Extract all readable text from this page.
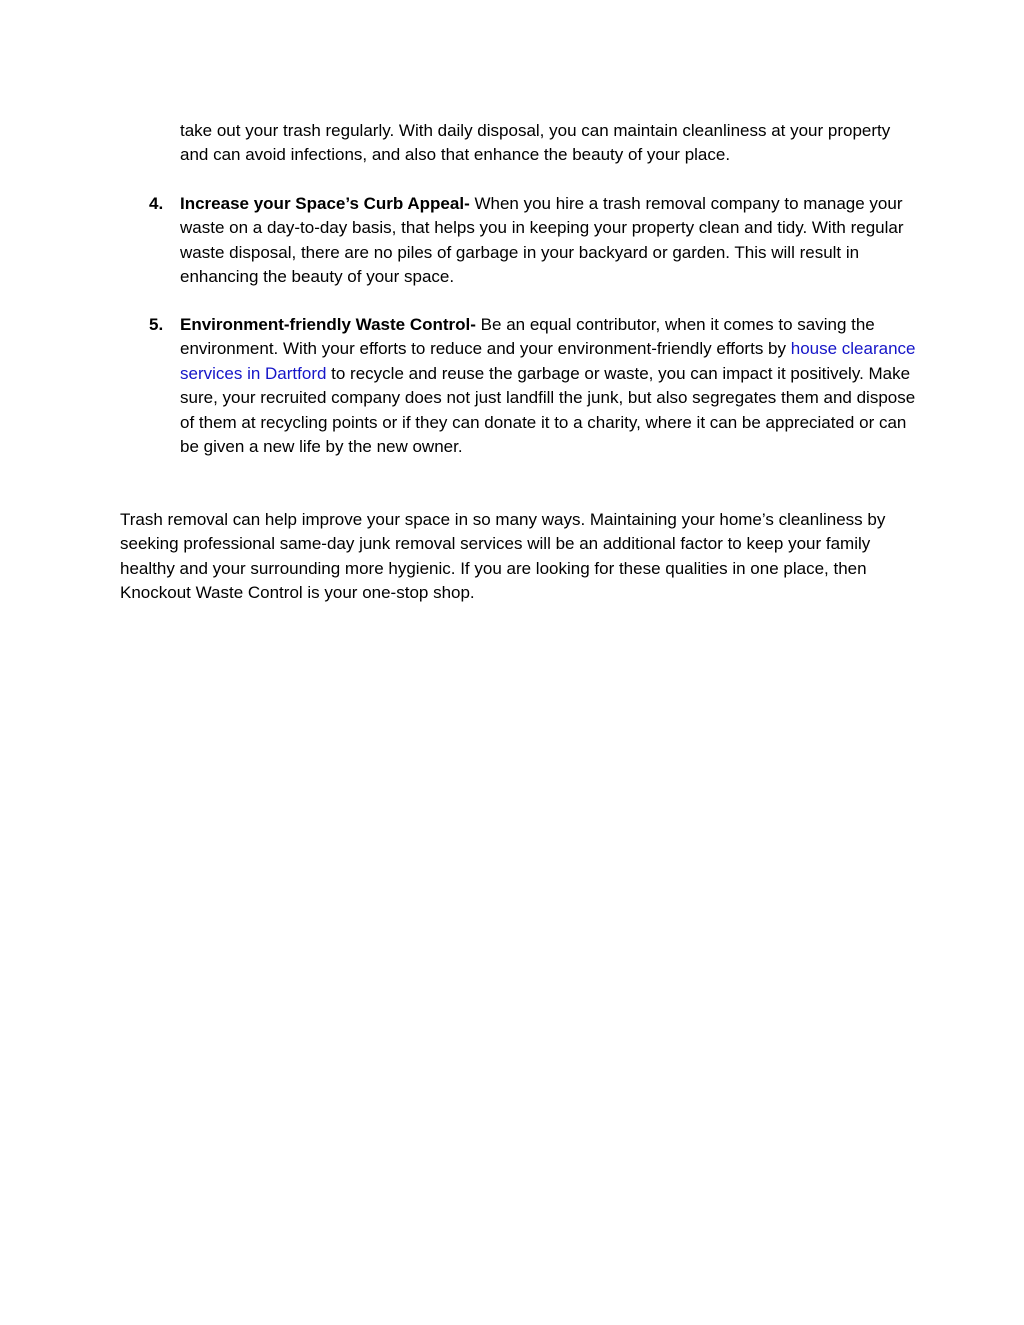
take out your trash regularly. With daily disposal, you can maintain cleanliness at your property and can avoid infections, and also that enhance the beauty of your place.

4. Increase your Space’s Curb Appeal- When you hire a trash removal company to manage your waste on a day-to-day basis, that helps you in keeping your property clean and tidy. With regular waste disposal, there are no piles of garbage in your backyard or garden. This will result in enhancing the beauty of your space.
5. Environment-friendly Waste Control- Be an equal contributor, when it comes to saving the environment. With your efforts to reduce and your environment-friendly efforts by house clearance services in Dartford to recycle and reuse the garbage or waste, you can impact it positively. Make sure, your recruited company does not just landfill the junk, but also segregates them and dispose of them at recycling points or if they can donate it to a charity, where it can be appreciated or can be given a new life by the new owner.

Trash removal can help improve your space in so many ways. Maintaining your home’s cleanliness by seeking professional same-day junk removal services will be an additional factor to keep your family healthy and your surrounding more hygienic. If you are looking for these qualities in one place, then Knockout Waste Control is your one-stop shop.
